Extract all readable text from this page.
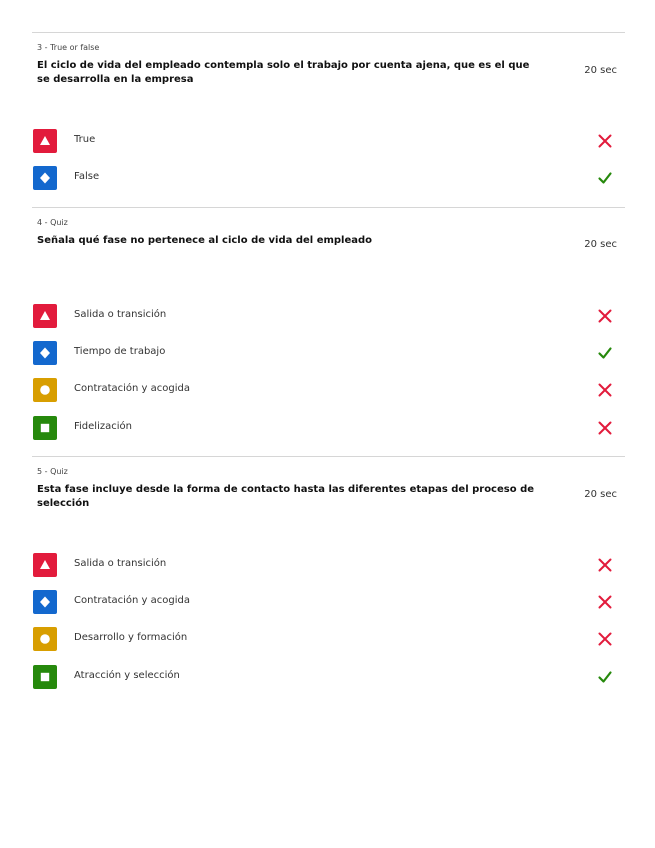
3 - True or false
El ciclo de vida del empleado contempla solo el trabajo por cuenta ajena, que es el que se desarrolla en la empresa
20 sec
True
False
4 - Quiz
Señala qué fase no pertenece al ciclo de vida del empleado	20 sec
Salida o transición
Tiempo de trabajo
Contratación y acogida
Fidelización
5 - Quiz
Esta fase incluye desde la forma de contacto hasta las diferentes etapas del proceso de selección
20 sec
Salida o transición
Contratación y acogida
Desarrollo y formación
Atracción y selección
